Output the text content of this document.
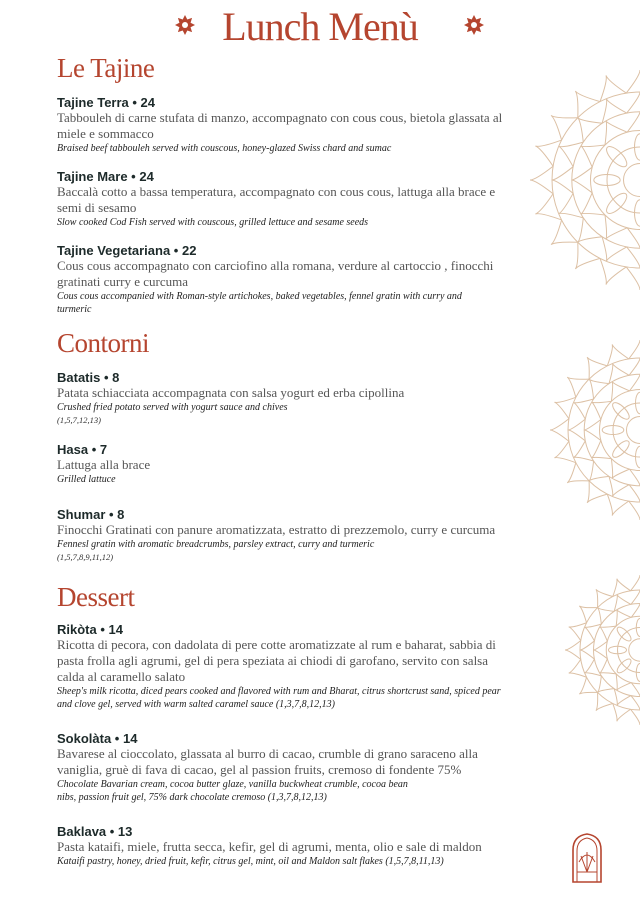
Lunch Menù
Le Tajine
Tajine Terra • 24
Tabbouleh di carne stufata di manzo, accompagnato con cous cous, bietola glassata al miele e sommacco
Braised beef tabbouleh served with couscous, honey-glazed Swiss chard and sumac
Tajine Mare • 24
Baccalà cotto a bassa temperatura, accompagnato con cous cous, lattuga alla brace e semi di sesamo
Slow cooked Cod Fish served with couscous, grilled lettuce and sesame seeds
Tajine Vegetariana • 22
Cous cous accompagnato con carciofino alla romana, verdure al cartoccio , finocchi gratinati curry e curcuma
Cous cous accompanied with Roman-style artichokes, baked vegetables, fennel gratin with curry and turmeric
Contorni
Batatis • 8
Patata schiacciata accompagnata con salsa yogurt ed erba cipollina
Crushed fried potato served with yogurt sauce and chives
(1,5,7,12,13)
Hasa • 7
Lattuga alla brace
Grilled lattuce
Shumar • 8
Finocchi Gratinati con panure aromatizzata, estratto di prezzemolo, curry e curcuma
Fennesl gratin with aromatic breadcrumbs, parsley extract, curry and turmeric
(1,5,7,8,9,11,12)
Dessert
Rikòta • 14
Ricotta di pecora, con dadolata di pere cotte aromatizzate al rum e baharat, sabbia di pasta frolla agli agrumi, gel di pera speziata ai chiodi di garofano, servito con salsa calda al caramello salato
Sheep's milk ricotta, diced pears cooked and flavored with rum and Bharat, citrus shortcrust sand, spiced pear and clove gel, served with warm salted caramel sauce (1,3,7,8,12,13)
Sokolàta • 14
Bavarese al cioccolato, glassata al burro di cacao, crumble di grano saraceno alla vaniglia, gruè di fava di cacao, gel al passion fruits, cremoso di fondente 75%
Chocolate Bavarian cream, cocoa butter glaze, vanilla buckwheat crumble, cocoa bean nibs, passion fruit gel, 75% dark chocolate cremoso (1,3,7,8,12,13)
Baklava • 13
Pasta kataifi, miele, frutta secca, kefir, gel di agrumi, menta, olio e sale di maldon
Kataifi pastry, honey, dried fruit, kefir, citrus gel, mint, oil and Maldon salt flakes (1,5,7,8,11,13)
